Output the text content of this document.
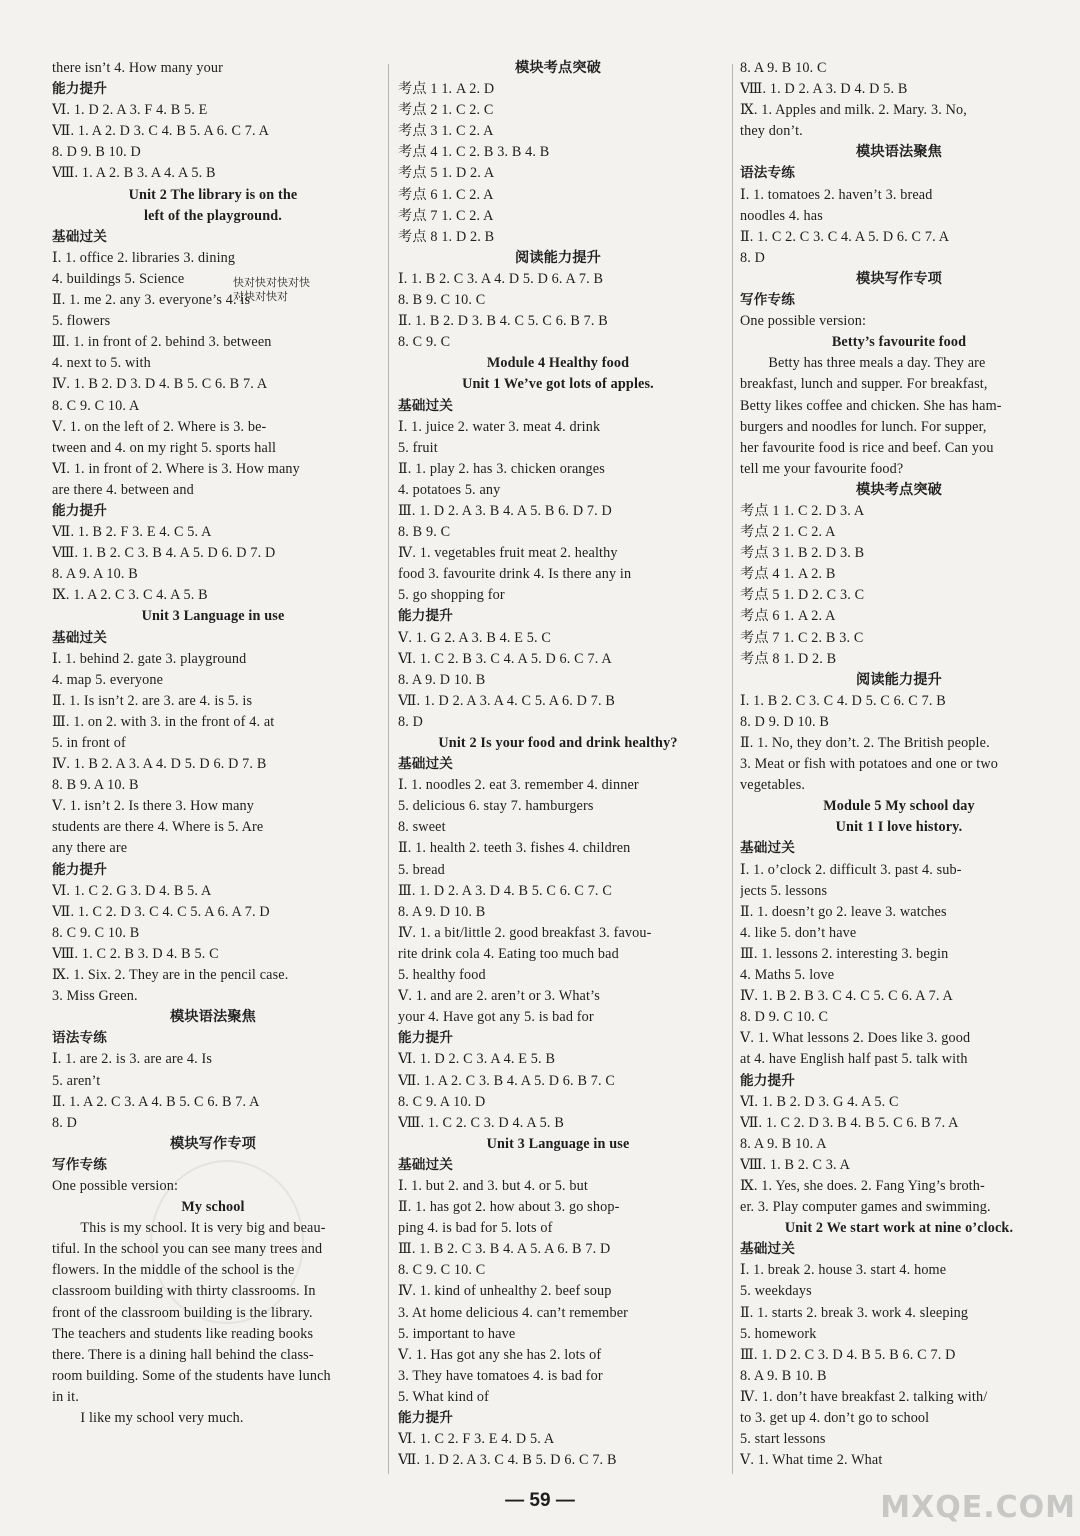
there isn’t 4. How many your
能力提升
Ⅵ. 1. D 2. A 3. F 4. B 5. E
Ⅶ. 1. A 2. D 3. C 4. B 5. A 6. C 7. A
8. D 9. B 10. D
Ⅷ. 1. A 2. B 3. A 4. A 5. B
Unit 2 The library is on the
left of the playground.
基础过关
Ⅰ. 1. office 2. libraries 3. dining
4. buildings 5. Science
Ⅱ. 1. me 2. any 3. everyone’s 4. is
5. flowers
Ⅲ. 1. in front of 2. behind 3. between
4. next to 5. with
Ⅳ. 1. B 2. D 3. D 4. B 5. C 6. B 7. A
8. C 9. C 10. A
Ⅴ. 1. on the left of 2. Where is 3. be-
tween and 4. on my right 5. sports hall
Ⅵ. 1. in front of 2. Where is 3. How many
are there 4. between and
能力提升
Ⅶ. 1. B 2. F 3. E 4. C 5. A
Ⅷ. 1. B 2. C 3. B 4. A 5. D 6. D 7. D
8. A 9. A 10. B
Ⅸ. 1. A 2. C 3. C 4. A 5. B
Unit 3 Language in use
基础过关
Ⅰ. 1. behind 2. gate 3. playground
4. map 5. everyone
Ⅱ. 1. Is isn’t 2. are 3. are 4. is 5. is
Ⅲ. 1. on 2. with 3. in the front of 4. at
5. in front of
Ⅳ. 1. B 2. A 3. A 4. D 5. D 6. D 7. B
8. B 9. A 10. B
Ⅴ. 1. isn’t 2. Is there 3. How many
students are there 4. Where is 5. Are
any there are
能力提升
Ⅵ. 1. C 2. G 3. D 4. B 5. A
Ⅶ. 1. C 2. D 3. C 4. C 5. A 6. A 7. D
8. C 9. C 10. B
Ⅷ. 1. C 2. B 3. D 4. B 5. C
Ⅸ. 1. Six. 2. They are in the pencil case.
3. Miss Green.
模块语法聚焦
语法专练
Ⅰ. 1. are 2. is 3. are are 4. Is
5. aren’t
Ⅱ. 1. A 2. C 3. A 4. B 5. C 6. B 7. A
8. D
模块写作专项
写作专练
One possible version:
My school
This is my school. It is very big and beau-
tiful. In the school you can see many trees and
flowers. In the middle of the school is the
classroom building with thirty classrooms. In
front of the classroom building is the library.
The teachers and students like reading books
there. There is a dining hall behind the class-
room building. Some of the students have lunch
in it.
I like my school very much.
模块考点突破
考点 1 1. A 2. D
考点 2 1. C 2. C
考点 3 1. C 2. A
考点 4 1. C 2. B 3. B 4. B
考点 5 1. D 2. A
考点 6 1. C 2. A
考点 7 1. C 2. A
考点 8 1. D 2. B
阅读能力提升
Ⅰ. 1. B 2. C 3. A 4. D 5. D 6. A 7. B
8. B 9. C 10. C
Ⅱ. 1. B 2. D 3. B 4. C 5. C 6. B 7. B
8. C 9. C
Module 4 Healthy food
Unit 1 We’ve got lots of apples.
基础过关
Ⅰ. 1. juice 2. water 3. meat 4. drink
5. fruit
Ⅱ. 1. play 2. has 3. chicken oranges
4. potatoes 5. any
Ⅲ. 1. D 2. A 3. B 4. A 5. B 6. D 7. D
8. B 9. C
Ⅳ. 1. vegetables fruit meat 2. healthy
food 3. favourite drink 4. Is there any in
5. go shopping for
能力提升
Ⅴ. 1. G 2. A 3. B 4. E 5. C
Ⅵ. 1. C 2. B 3. C 4. A 5. D 6. C 7. A
8. A 9. D 10. B
Ⅶ. 1. D 2. A 3. A 4. C 5. A 6. D 7. B
8. D
Unit 2 Is your food and drink healthy?
基础过关
Ⅰ. 1. noodles 2. eat 3. remember 4. dinner
5. delicious 6. stay 7. hamburgers
8. sweet
Ⅱ. 1. health 2. teeth 3. fishes 4. children
5. bread
Ⅲ. 1. D 2. A 3. D 4. B 5. C 6. C 7. C
8. A 9. D 10. B
Ⅳ. 1. a bit/little 2. good breakfast 3. favou-
rite drink cola 4. Eating too much bad
5. healthy food
Ⅴ. 1. and are 2. aren’t or 3. What’s
your 4. Have got any 5. is bad for
能力提升
Ⅵ. 1. D 2. C 3. A 4. E 5. B
Ⅶ. 1. A 2. C 3. B 4. A 5. D 6. B 7. C
8. C 9. A 10. D
Ⅷ. 1. C 2. C 3. D 4. A 5. B
Unit 3 Language in use
基础过关
Ⅰ. 1. but 2. and 3. but 4. or 5. but
Ⅱ. 1. has got 2. how about 3. go shop-
ping 4. is bad for 5. lots of
Ⅲ. 1. B 2. C 3. B 4. A 5. A 6. B 7. D
8. C 9. C 10. C
Ⅳ. 1. kind of unhealthy 2. beef soup
3. At home delicious 4. can’t remember
5. important to have
Ⅴ. 1. Has got any she has 2. lots of
3. They have tomatoes 4. is bad for
5. What kind of
能力提升
Ⅵ. 1. C 2. F 3. E 4. D 5. A
Ⅶ. 1. D 2. A 3. C 4. B 5. D 6. C 7. B
8. A 9. B 10. C
Ⅷ. 1. D 2. A 3. D 4. D 5. B
Ⅸ. 1. Apples and milk. 2. Mary. 3. No,
they don’t.
模块语法聚焦
语法专练
Ⅰ. 1. tomatoes 2. haven’t 3. bread
noodles 4. has
Ⅱ. 1. C 2. C 3. C 4. A 5. D 6. C 7. A
8. D
模块写作专项
写作专练
One possible version:
Betty’s favourite food
Betty has three meals a day. They are
breakfast, lunch and supper. For breakfast,
Betty likes coffee and chicken. She has ham-
burgers and noodles for lunch. For supper,
her favourite food is rice and beef. Can you
tell me your favourite food?
模块考点突破
考点 1 1. C 2. D 3. A
考点 2 1. C 2. A
考点 3 1. B 2. D 3. B
考点 4 1. A 2. B
考点 5 1. D 2. C 3. C
考点 6 1. A 2. A
考点 7 1. C 2. B 3. C
考点 8 1. D 2. B
阅读能力提升
Ⅰ. 1. B 2. C 3. C 4. D 5. C 6. C 7. B
8. D 9. D 10. B
Ⅱ. 1. No, they don’t. 2. The British people.
3. Meat or fish with potatoes and one or two
vegetables.
Module 5 My school day
Unit 1 I love history.
基础过关
Ⅰ. 1. o’clock 2. difficult 3. past 4. sub-
jects 5. lessons
Ⅱ. 1. doesn’t go 2. leave 3. watches
4. like 5. don’t have
Ⅲ. 1. lessons 2. interesting 3. begin
4. Maths 5. love
Ⅳ. 1. B 2. B 3. C 4. C 5. C 6. A 7. A
8. D 9. C 10. C
Ⅴ. 1. What lessons 2. Does like 3. good
at 4. have English half past 5. talk with
能力提升
Ⅵ. 1. B 2. D 3. G 4. A 5. C
Ⅶ. 1. C 2. D 3. B 4. B 5. C 6. B 7. A
8. A 9. B 10. A
Ⅷ. 1. B 2. C 3. A
Ⅸ. 1. Yes, she does. 2. Fang Ying’s broth-
er. 3. Play computer games and swimming.
Unit 2 We start work at nine o’clock.
基础过关
Ⅰ. 1. break 2. house 3. start 4. home
5. weekdays
Ⅱ. 1. starts 2. break 3. work 4. sleeping
5. homework
Ⅲ. 1. D 2. C 3. D 4. B 5. B 6. C 7. D
8. A 9. B 10. B
Ⅳ. 1. don’t have breakfast 2. talking with/
to 3. get up 4. don’t go to school
5. start lessons
Ⅴ. 1. What time 2. What
快对快对快对快对快对快对
— 59 —	MXQE.COM
